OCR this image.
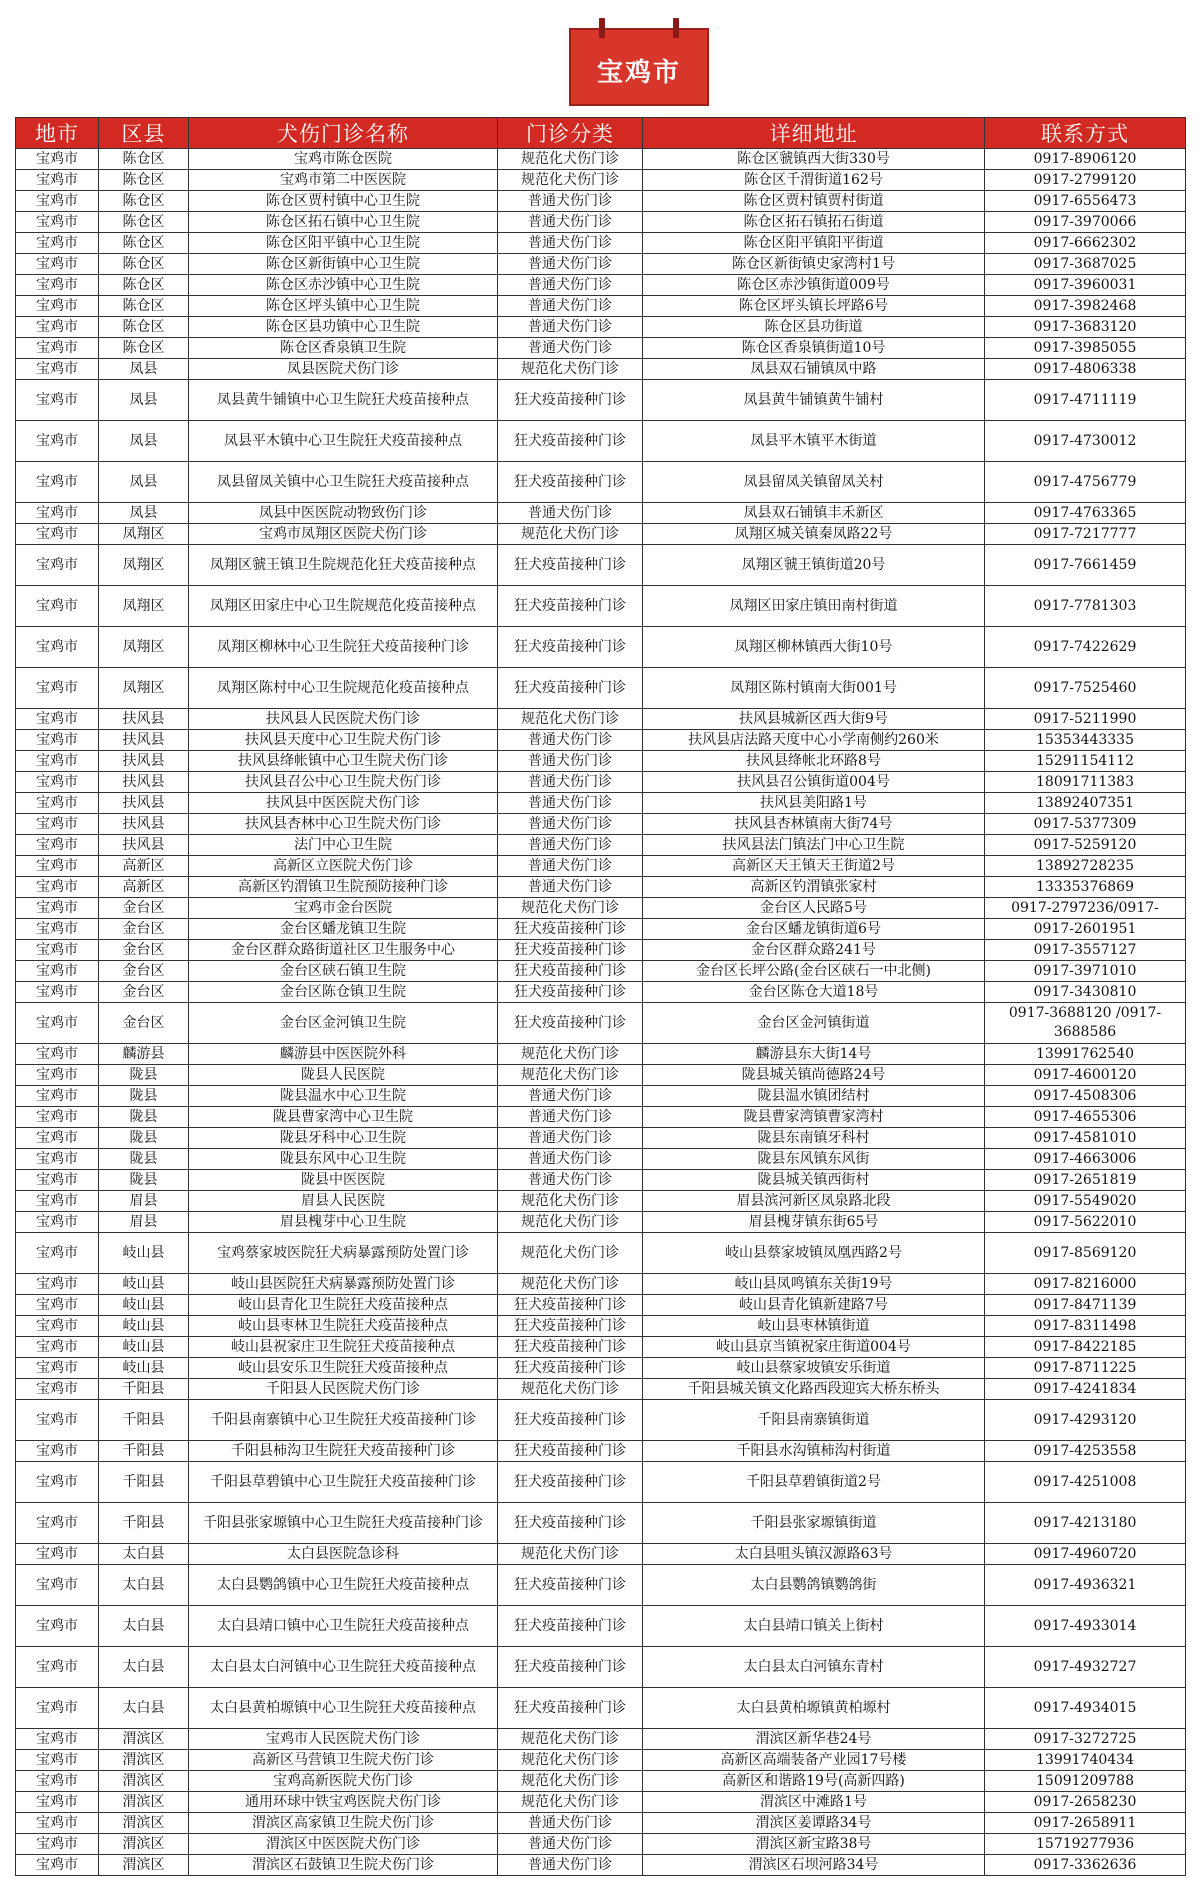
宝鸡市
地市	区县	犬伤门诊名称	门诊分类	详细地址	联系方式
宝鸡市	陈仓区	宝鸡市陈仓医院	规范化犬伤门诊	陈仓区虢镇西大街330号	0917-8906120
宝鸡市	陈仓区	宝鸡市第二中医医院	规范化犬伤门诊	陈仓区千渭街道162号	0917-2799120
宝鸡市	陈仓区	陈仓区贾村镇中心卫生院	普通犬伤门诊	陈仓区贾村镇贾村街道	0917-6556473
宝鸡市	陈仓区	陈仓区拓石镇中心卫生院	普通犬伤门诊	陈仓区拓石镇拓石街道	0917-3970066
宝鸡市	陈仓区	陈仓区阳平镇中心卫生院	普通犬伤门诊	陈仓区阳平镇阳平街道	0917-6662302
宝鸡市	陈仓区	陈仓区新街镇中心卫生院	普通犬伤门诊	陈仓区新街镇史家湾村1号	0917-3687025
宝鸡市	陈仓区	陈仓区赤沙镇中心卫生院	普通犬伤门诊	陈仓区赤沙镇街道009号	0917-3960031
宝鸡市	陈仓区	陈仓区坪头镇中心卫生院	普通犬伤门诊	陈仓区坪头镇长坪路6号	0917-3982468
宝鸡市	陈仓区	陈仓区县功镇中心卫生院	普通犬伤门诊	陈仓区县功街道	0917-3683120
宝鸡市	陈仓区	陈仓区香泉镇卫生院	普通犬伤门诊	陈仓区香泉镇街道10号	0917-3985055
宝鸡市	凤县	凤县医院犬伤门诊	规范化犬伤门诊	凤县双石铺镇凤中路	0917-4806338
宝鸡市	凤县	凤县黄牛铺镇中心卫生院狂犬疫苗接种点	狂犬疫苗接种门诊	凤县黄牛铺镇黄牛铺村	0917-4711119
宝鸡市	凤县	凤县平木镇中心卫生院狂犬疫苗接种点	狂犬疫苗接种门诊	凤县平木镇平木街道	0917-4730012
宝鸡市	凤县	凤县留凤关镇中心卫生院狂犬疫苗接种点	狂犬疫苗接种门诊	凤县留凤关镇留凤关村	0917-4756779
宝鸡市	凤县	凤县中医医院动物致伤门诊	普通犬伤门诊	凤县双石铺镇丰禾新区	0917-4763365
宝鸡市	凤翔区	宝鸡市凤翔区医院犬伤门诊	规范化犬伤门诊	凤翔区城关镇秦凤路22号	0917-7217777
宝鸡市	凤翔区	凤翔区虢王镇卫生院规范化狂犬疫苗接种点	狂犬疫苗接种门诊	凤翔区虢王镇街道20号	0917-7661459
宝鸡市	凤翔区	凤翔区田家庄中心卫生院规范化疫苗接种点	狂犬疫苗接种门诊	凤翔区田家庄镇田南村街道	0917-7781303
宝鸡市	凤翔区	凤翔区柳林中心卫生院狂犬疫苗接种门诊	狂犬疫苗接种门诊	凤翔区柳林镇西大街10号	0917-7422629
宝鸡市	凤翔区	凤翔区陈村中心卫生院规范化疫苗接种点	狂犬疫苗接种门诊	凤翔区陈村镇南大街001号	0917-7525460
宝鸡市	扶风县	扶风县人民医院犬伤门诊	规范化犬伤门诊	扶风县城新区西大街9号	0917-5211990
宝鸡市	扶风县	扶风县天度中心卫生院犬伤门诊	普通犬伤门诊	扶风县店法路天度中心小学南侧约260米	15353443335
宝鸡市	扶风县	扶风县绛帐镇中心卫生院犬伤门诊	普通犬伤门诊	扶风县绛帐北环路8号	15291154112
宝鸡市	扶风县	扶风县召公中心卫生院犬伤门诊	普通犬伤门诊	扶风县召公镇街道004号	18091711383
宝鸡市	扶风县	扶风县中医医院犬伤门诊	普通犬伤门诊	扶风县美阳路1号	13892407351
宝鸡市	扶风县	扶风县杏林中心卫生院犬伤门诊	普通犬伤门诊	扶风县杏林镇南大街74号	0917-5377309
宝鸡市	扶风县	法门中心卫生院	普通犬伤门诊	扶风县法门镇法门中心卫生院	0917-5259120
宝鸡市	高新区	高新区立医院犬伤门诊	普通犬伤门诊	高新区天王镇天王街道2号	13892728235
宝鸡市	高新区	高新区钓渭镇卫生院预防接种门诊	普通犬伤门诊	高新区钓渭镇张家村	13335376869
宝鸡市	金台区	宝鸡市金台医院	规范化犬伤门诊	金台区人民路5号	0917-2797236/0917-
宝鸡市	金台区	金台区蟠龙镇卫生院	狂犬疫苗接种门诊	金台区蟠龙镇街道6号	0917-2601951
宝鸡市	金台区	金台区群众路街道社区卫生服务中心	狂犬疫苗接种门诊	金台区群众路241号	0917-3557127
宝鸡市	金台区	金台区硖石镇卫生院	狂犬疫苗接种门诊	金台区长坪公路(金台区硖石一中北侧)	0917-3971010
宝鸡市	金台区	金台区陈仓镇卫生院	狂犬疫苗接种门诊	金台区陈仓大道18号	0917-3430810
宝鸡市	金台区	金台区金河镇卫生院	狂犬疫苗接种门诊	金台区金河镇街道	0917-3688120 /0917-3688586
宝鸡市	麟游县	麟游县中医医院外科	规范化犬伤门诊	麟游县东大街14号	13991762540
宝鸡市	陇县	陇县人民医院	规范化犬伤门诊	陇县城关镇尚德路24号	0917-4600120
宝鸡市	陇县	陇县温水中心卫生院	普通犬伤门诊	陇县温水镇团结村	0917-4508306
宝鸡市	陇县	陇县曹家湾中心卫生院	普通犬伤门诊	陇县曹家湾镇曹家湾村	0917-4655306
宝鸡市	陇县	陇县牙科中心卫生院	普通犬伤门诊	陇县东南镇牙科村	0917-4581010
宝鸡市	陇县	陇县东风中心卫生院	普通犬伤门诊	陇县东风镇东风街	0917-4663006
宝鸡市	陇县	陇县中医医院	普通犬伤门诊	陇县城关镇西街村	0917-2651819
宝鸡市	眉县	眉县人民医院	规范化犬伤门诊	眉县滨河新区凤泉路北段	0917-5549020
宝鸡市	眉县	眉县槐芽中心卫生院	规范化犬伤门诊	眉县槐芽镇东街65号	0917-5622010
宝鸡市	岐山县	宝鸡蔡家坡医院狂犬病暴露预防处置门诊	规范化犬伤门诊	岐山县蔡家坡镇凤凰西路2号	0917-8569120
宝鸡市	岐山县	岐山县医院狂犬病暴露预防处置门诊	规范化犬伤门诊	岐山县凤鸣镇东关街19号	0917-8216000
宝鸡市	岐山县	岐山县青化卫生院狂犬疫苗接种点	狂犬疫苗接种门诊	岐山县青化镇新建路7号	0917-8471139
宝鸡市	岐山县	岐山县枣林卫生院狂犬疫苗接种点	狂犬疫苗接种门诊	岐山县枣林镇街道	0917-8311498
宝鸡市	岐山县	岐山县祝家庄卫生院狂犬疫苗接种点	狂犬疫苗接种门诊	岐山县京当镇祝家庄街道004号	0917-8422185
宝鸡市	岐山县	岐山县安乐卫生院狂犬疫苗接种点	狂犬疫苗接种门诊	岐山县蔡家坡镇安乐街道	0917-8711225
宝鸡市	千阳县	千阳县人民医院犬伤门诊	规范化犬伤门诊	千阳县城关镇文化路西段迎宾大桥东桥头	0917-4241834
宝鸡市	千阳县	千阳县南寨镇中心卫生院狂犬疫苗接种门诊	狂犬疫苗接种门诊	千阳县南寨镇街道	0917-4293120
宝鸡市	千阳县	千阳县柿沟卫生院狂犬疫苗接种门诊	狂犬疫苗接种门诊	千阳县水沟镇柿沟村街道	0917-4253558
宝鸡市	千阳县	千阳县草碧镇中心卫生院狂犬疫苗接种门诊	狂犬疫苗接种门诊	千阳县草碧镇街道2号	0917-4251008
宝鸡市	千阳县	千阳县张家塬镇中心卫生院狂犬疫苗接种门诊	狂犬疫苗接种门诊	千阳县张家塬镇街道	0917-4213180
宝鸡市	太白县	太白县医院急诊科	规范化犬伤门诊	太白县咀头镇汉源路63号	0917-4960720
宝鸡市	太白县	太白县鹦鸽镇中心卫生院狂犬疫苗接种点	狂犬疫苗接种门诊	太白县鹦鸽镇鹦鸽街	0917-4936321
宝鸡市	太白县	太白县靖口镇中心卫生院狂犬疫苗接种点	狂犬疫苗接种门诊	太白县靖口镇关上街村	0917-4933014
宝鸡市	太白县	太白县太白河镇中心卫生院狂犬疫苗接种点	狂犬疫苗接种门诊	太白县太白河镇东青村	0917-4932727
宝鸡市	太白县	太白县黄柏塬镇中心卫生院狂犬疫苗接种点	狂犬疫苗接种门诊	太白县黄柏塬镇黄柏塬村	0917-4934015
宝鸡市	渭滨区	宝鸡市人民医院犬伤门诊	规范化犬伤门诊	渭滨区新华巷24号	0917-3272725
宝鸡市	渭滨区	高新区马营镇卫生院犬伤门诊	规范化犬伤门诊	高新区高端装备产业园17号楼	13991740434
宝鸡市	渭滨区	宝鸡高新医院犬伤门诊	规范化犬伤门诊	高新区和谐路19号(高新四路)	15091209788
宝鸡市	渭滨区	通用环球中铁宝鸡医院犬伤门诊	规范化犬伤门诊	渭滨区中滩路1号	0917-2658230
宝鸡市	渭滨区	渭滨区高家镇卫生院犬伤门诊	普通犬伤门诊	渭滨区姜谭路34号	0917-2658911
宝鸡市	渭滨区	渭滨区中医医院犬伤门诊	普通犬伤门诊	渭滨区新宝路38号	15719277936
宝鸡市	渭滨区	渭滨区石鼓镇卫生院犬伤门诊	普通犬伤门诊	渭滨区石坝河路34号	0917-3362636
